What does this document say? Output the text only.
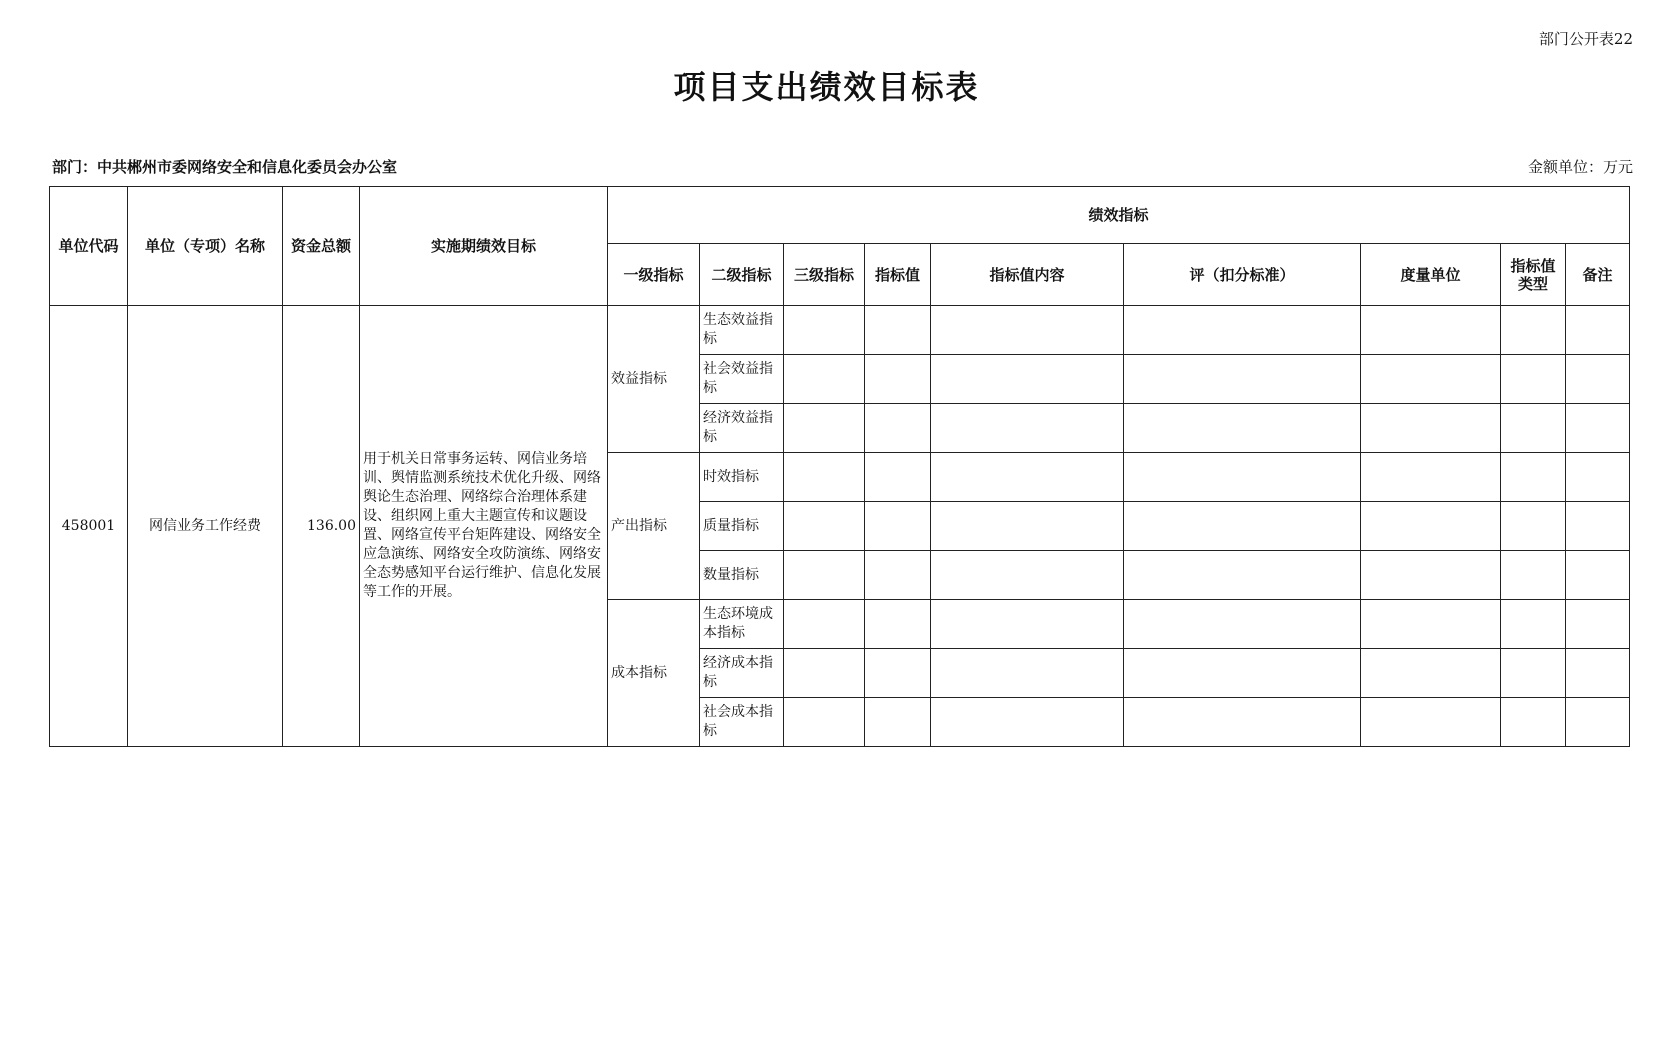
部门公开表22
项目支出绩效目标表
部门：中共郴州市委网络安全和信息化委员会办公室	金额单位：万元
单位代码	单位（专项）名称	资金总额	实施期绩效目标	绩效指标								
				一级指标	二级指标	三级指标	指标值	指标值内容	评（扣分标准）	度量单位	指标值类型	备注
458001	网信业务工作经费	136.00	用于机关日常事务运转、网信业务培训、舆情监测系统技术优化升级、网络舆论生态治理、网络综合治理体系建设、组织网上重大主题宣传和议题设置、网络宣传平台矩阵建设、网络安全应急演练、网络安全攻防演练、网络安全态势感知平台运行维护、信息化发展等工作的开展。	效益指标	生态效益指标							
					社会效益指标							
					经济效益指标							
				产出指标	时效指标							
					质量指标							
					数量指标							
				成本指标	生态环境成本指标							
					经济成本指标							
					社会成本指标							
